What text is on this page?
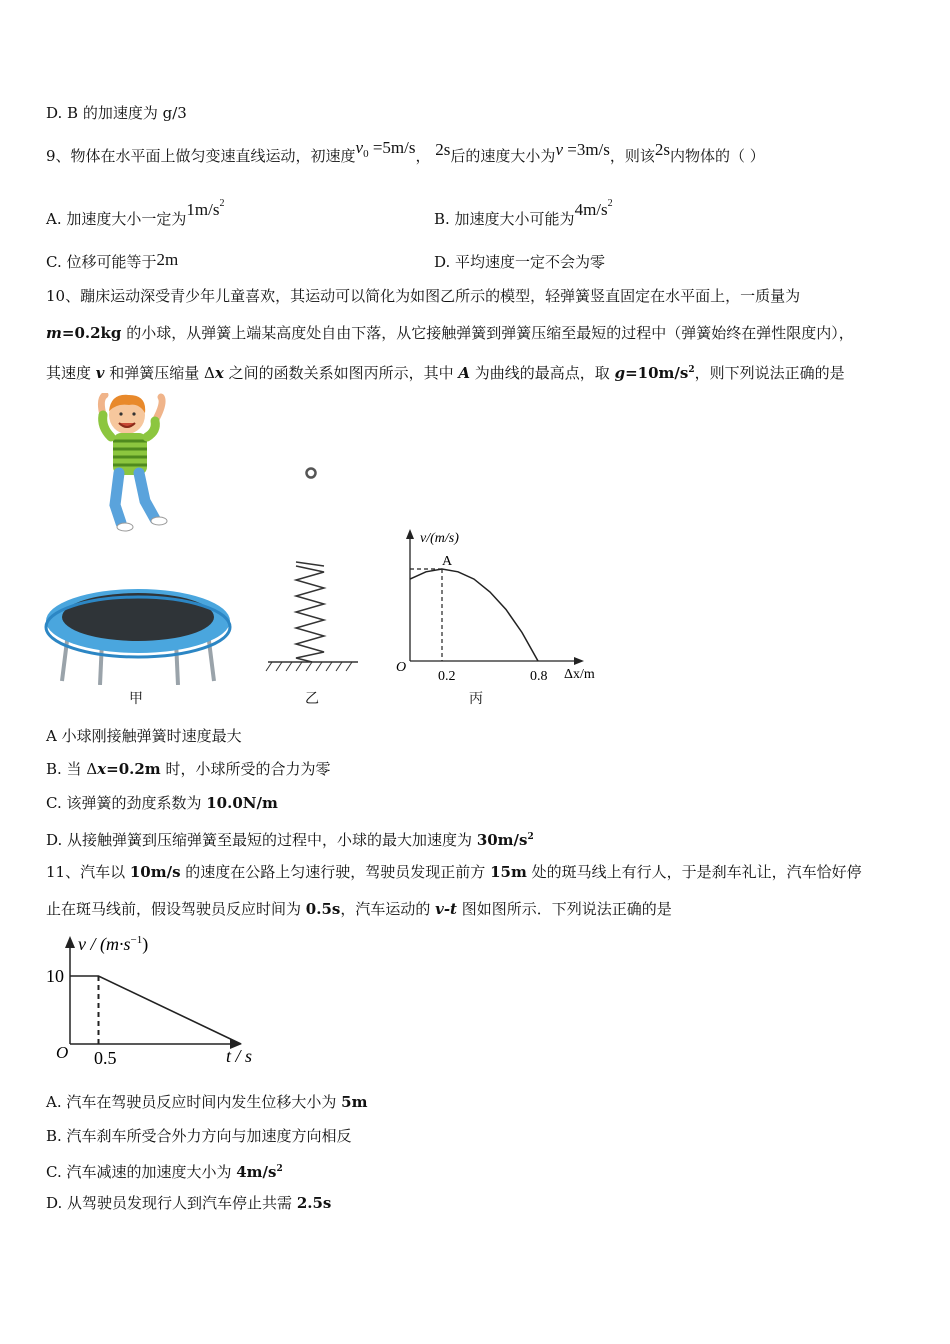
D. B 的加速度为 g/3
9、物体在水平面上做匀变速直线运动，初速度$v_0 =5m/s$， 2s后的速度大小为v =3m/s，则该2s内物体的（ ）
A. 加速度大小一定为$1m/s^2$
B. 加速度大小可能为$4m/s^2$
C. 位移可能等于2m	D. 平均速度一定不会为零
10、蹦床运动深受青少年儿童喜欢，其运动可以简化为如图乙所示的模型，轻弹簧竖直固定在水平面上，一质量为
m=0.2kg 的小球，从弹簧上端某高度处自由下落，从它接触弹簧到弹簧压缩至最短的过程中（弹簧始终在弹性限度内），
其速度 v 和弹簧压缩量 Δx 之间的函数关系如图丙所示，其中 A 为曲线的最高点，取 $g=10m/s^2$，则下列说法正确的是
v/(m/s)
Δx/m
O
A
0.2	0.8
甲	乙	丙
A 小球刚接触弹簧时速度最大
B. 当 Δx=0.2m 时，小球所受的合力为零
C. 该弹簧的劲度系数为 10.0N/m
D. 从接触弹簧到压缩弹簧至最短的过程中，小球的最大加速度为 $30m/s^2$
11、汽车以 10m/s 的速度在公路上匀速行驶，驾驶员发现正前方 15m 处的斑马线上有行人，于是刹车礼让，汽车恰好停
止在斑马线前，假设驾驶员反应时间为 0.5s，汽车运动的 v-t 图如图所示．下列说法正确的是
$v / (m\cdot s^{-1})$
t / s
O
10
0.5
A. 汽车在驾驶员反应时间内发生位移大小为 5m
B. 汽车刹车所受合外力方向与加速度方向相反
C. 汽车减速的加速度大小为 $4m/s^2$
D. 从驾驶员发现行人到汽车停止共需 2.5s
